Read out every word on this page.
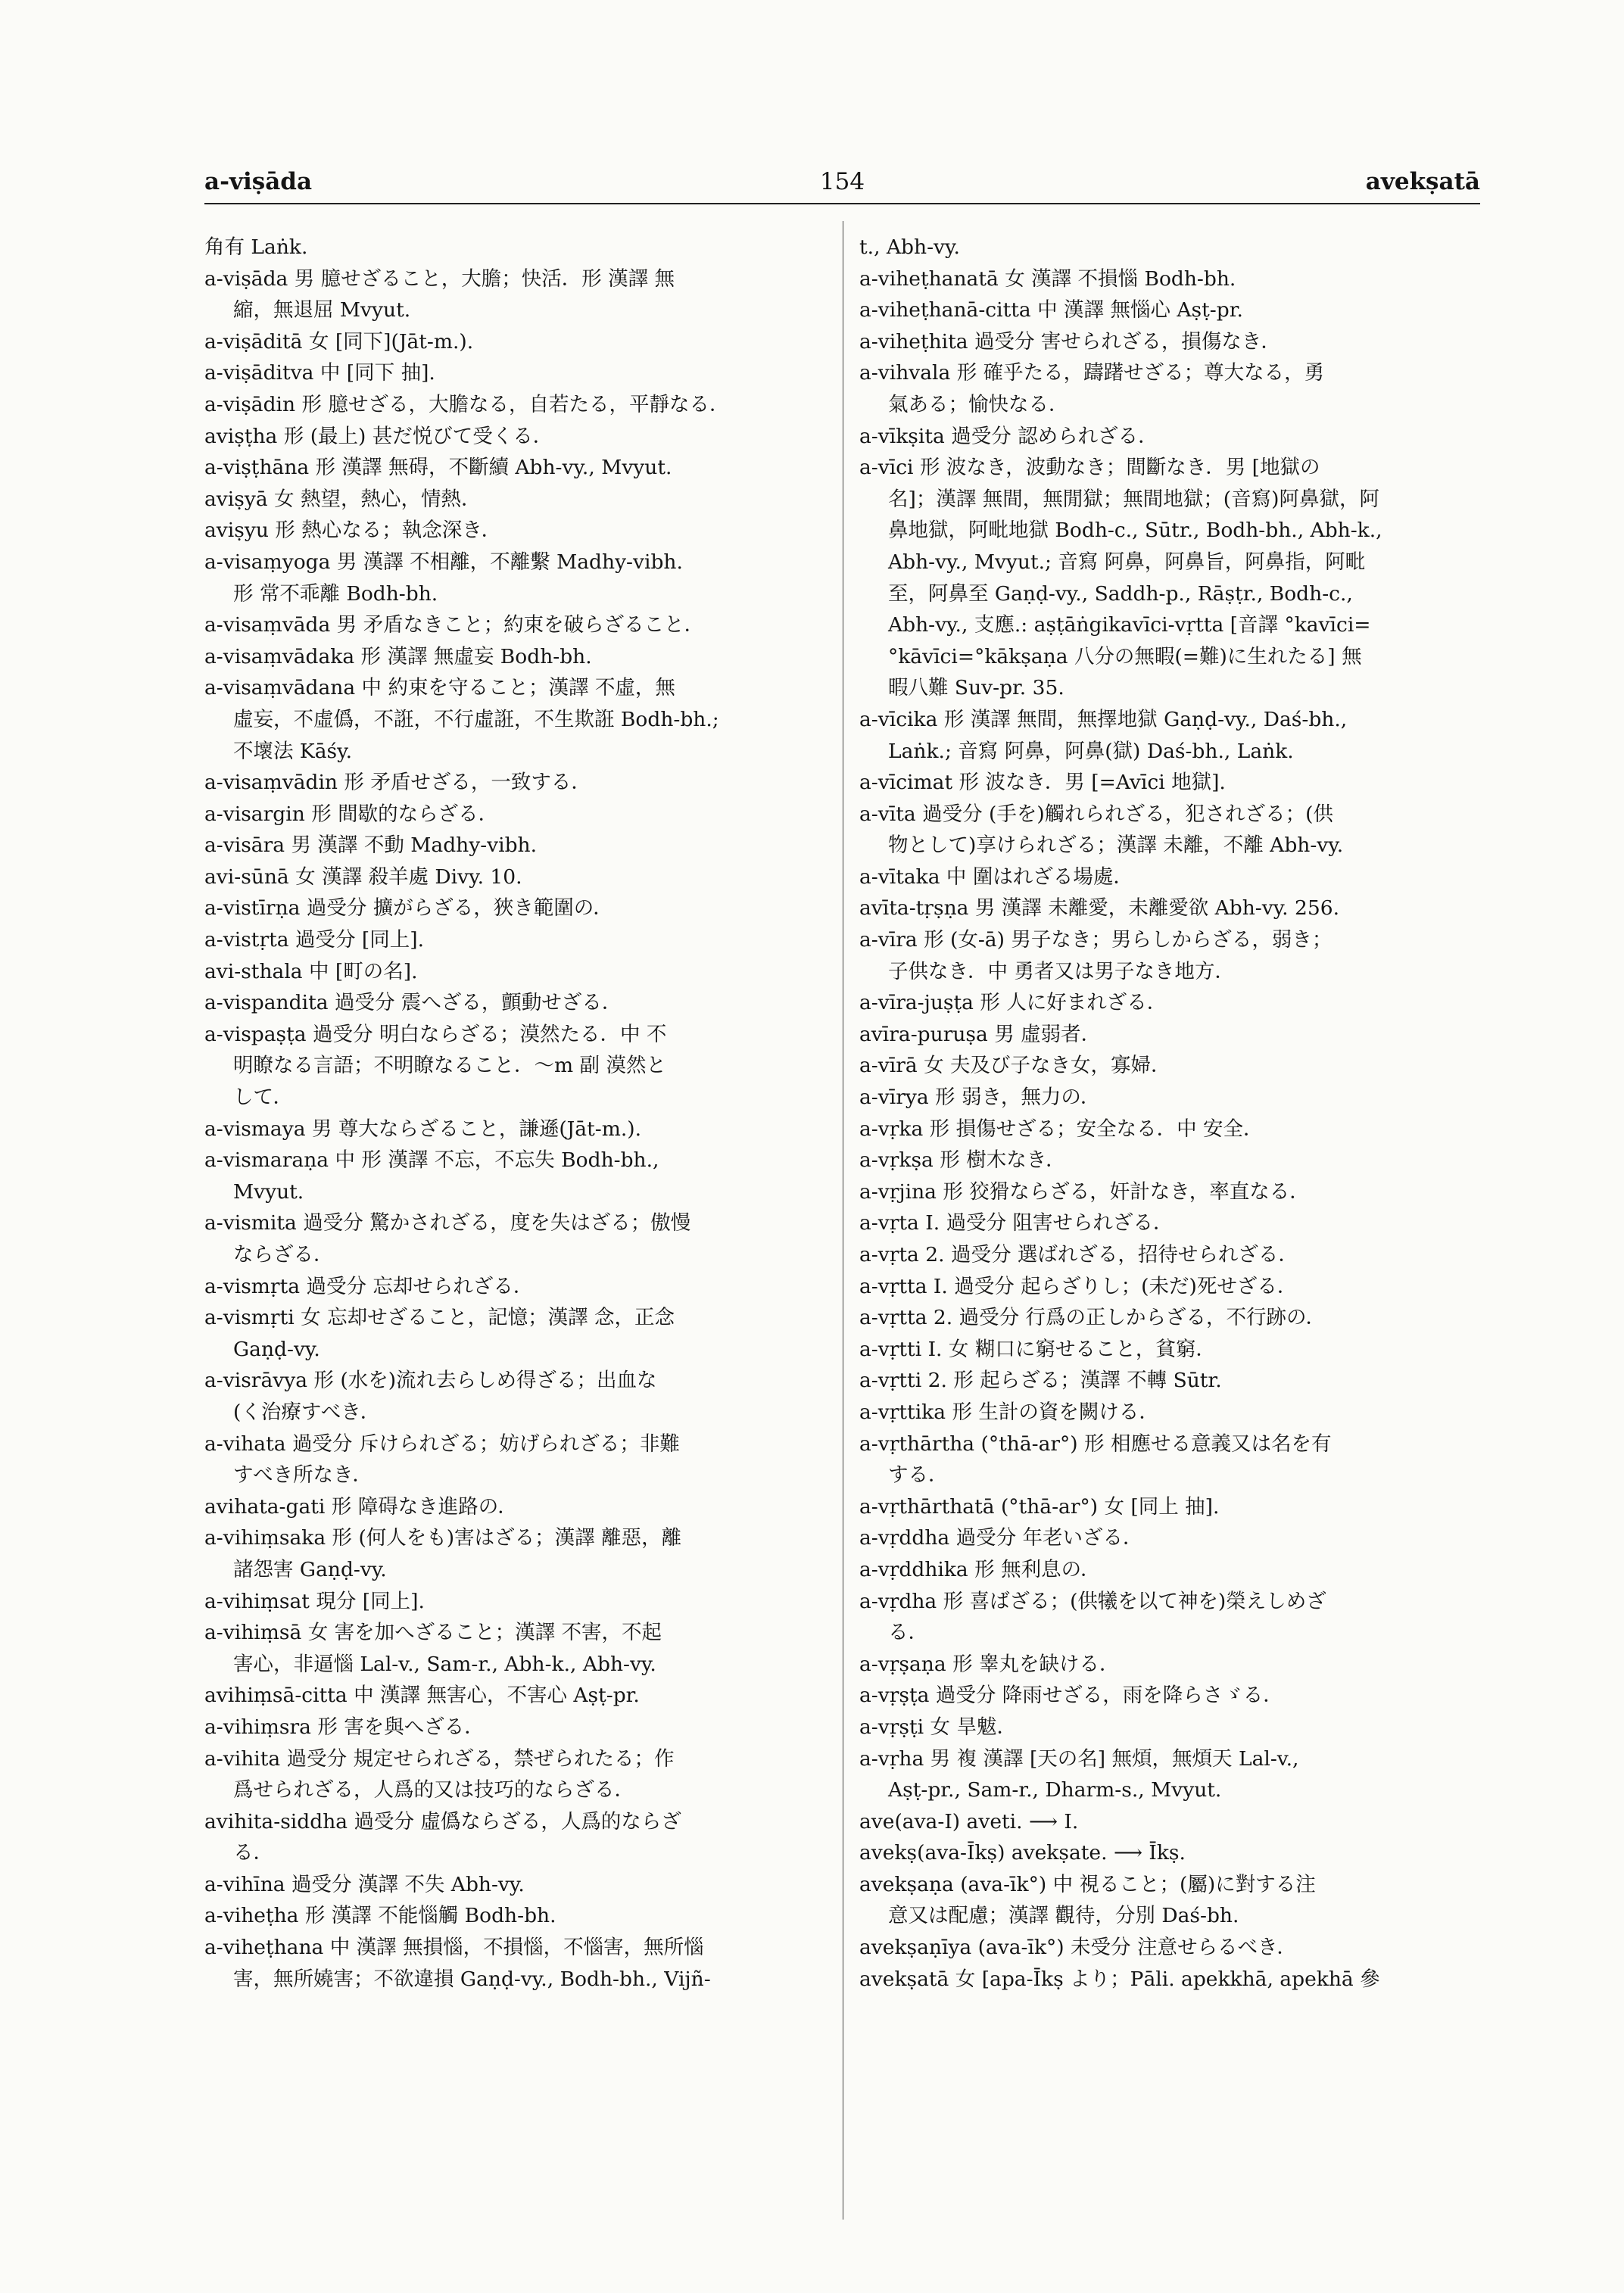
a-viṣāda	154	avekṣatā
角有 Laṅk.
a-viṣāda 男 臆せざること，大膽；快活．形 漢譯 無
縮，無退屈 Mvyut.
a-viṣāditā 女 [同下](Jāt-m.).
a-viṣāditva 中 [同下 抽].
a-viṣādin 形 臆せざる，大膽なる，自若たる，平靜なる．
aviṣṭha 形 (最上) 甚だ悦びて受くる．
a-viṣṭhāna 形 漢譯 無碍，不斷續 Abh-vy., Mvyut.
aviṣyā 女 熱望，熱心，情熱．
aviṣyu 形 熱心なる；執念深き．
a-visaṃyoga 男 漢譯 不相離，不離繫 Madhy-vibh.
形 常不乖離 Bodh-bh.
a-visaṃvāda 男 矛盾なきこと；約束を破らざること．
a-visaṃvādaka 形 漢譯 無虛妄 Bodh-bh.
a-visaṃvādana 中 約束を守ること；漢譯 不虛，無
虛妄，不虛僞，不誑，不行虛誑，不生欺誑 Bodh-bh.;
不壞法 Kāśy.
a-visaṃvādin 形 矛盾せざる，一致する．
a-visargin 形 間歇的ならざる．
a-visāra 男 漢譯 不動 Madhy-vibh.
avi-sūnā 女 漢譯 殺羊處 Divy. 10.
a-vistīrṇa 過受分 擴がらざる，狹き範圍の．
a-vistṛta 過受分 [同上].
avi-sthala 中 [町の名].
a-vispandita 過受分 震へざる，顫動せざる．
a-vispaṣṭa 過受分 明白ならざる；漠然たる．中 不
明瞭なる言語；不明瞭なること．～m 副 漠然と
して．
a-vismaya 男 尊大ならざること，謙遜(Jāt-m.).
a-vismaraṇa 中 形 漢譯 不忘，不忘失 Bodh-bh.,
Mvyut.
a-vismita 過受分 驚かされざる，度を失はざる；傲慢
ならざる．
a-vismṛta 過受分 忘却せられざる．
a-vismṛti 女 忘却せざること，記憶；漢譯 念，正念
Gaṇḍ-vy.
a-visrāvya 形 (水を)流れ去らしめ得ざる；出血な
(く治療すべき．
a-vihata 過受分 斥けられざる；妨げられざる；非難
すべき所なき．
avihata-gati 形 障碍なき進路の．
a-vihiṃsaka 形 (何人をも)害はざる；漢譯 離惡，離
諸怨害 Gaṇḍ-vy.
a-vihiṃsat 現分 [同上].
a-vihiṃsā 女 害を加へざること；漢譯 不害，不起
害心，非逼惱 Lal-v., Sam-r., Abh-k., Abh-vy.
avihiṃsā-citta 中 漢譯 無害心，不害心 Aṣṭ-pr.
a-vihiṃsra 形 害を與へざる．
a-vihita 過受分 規定せられざる，禁ぜられたる；作
爲せられざる，人爲的又は技巧的ならざる．
avihita-siddha 過受分 虛僞ならざる，人爲的ならざ
る．
a-vihīna 過受分 漢譯 不失 Abh-vy.
a-viheṭha 形 漢譯 不能惱觸 Bodh-bh.
a-viheṭhana 中 漢譯 無損惱，不損惱，不惱害，無所惱
害，無所嬈害；不欲違損 Gaṇḍ-vy., Bodh-bh., Vijñ-
t., Abh-vy.
a-viheṭhanatā 女 漢譯 不損惱 Bodh-bh.
a-viheṭhanā-citta 中 漢譯 無惱心 Aṣṭ-pr.
a-viheṭhita 過受分 害せられざる，損傷なき．
a-vihvala 形 確乎たる，躊躇せざる；尊大なる，勇
氣ある；愉快なる．
a-vīkṣita 過受分 認められざる．
a-vīci 形 波なき，波動なき；間斷なき．男 [地獄の
名]；漢譯 無間，無閒獄；無間地獄；(音寫)阿鼻獄，阿
鼻地獄，阿毗地獄 Bodh-c., Sūtr., Bodh-bh., Abh-k.,
Abh-vy., Mvyut.; 音寫 阿鼻，阿鼻旨，阿鼻指，阿毗
至，阿鼻至 Gaṇḍ-vy., Saddh-p., Rāṣṭr., Bodh-c.,
Abh-vy., 支應.: aṣṭāṅgikavīci-vṛtta [音譯 °kavīci=
°kāvīci=°kākṣaṇa 八分の無暇(=難)に生れたる] 無
暇八難 Suv-pr. 35.
a-vīcika 形 漢譯 無間，無擇地獄 Gaṇḍ-vy., Daś-bh.,
Laṅk.; 音寫 阿鼻，阿鼻(獄) Daś-bh., Laṅk.
a-vīcimat 形 波なき．男 [=Avīci 地獄].
a-vīta 過受分 (手を)觸れられざる，犯されざる；(供
物として)享けられざる；漢譯 未離，不離 Abh-vy.
a-vītaka 中 圍はれざる場處．
avīta-tṛṣṇa 男 漢譯 未離愛，未離愛欲 Abh-vy. 256.
a-vīra 形 (女-ā) 男子なき；男らしからざる，弱き；
子供なき．中 勇者又は男子なき地方．
a-vīra-juṣṭa 形 人に好まれざる．
avīra-puruṣa 男 虛弱者．
a-vīrā 女 夫及び子なき女，寡婦．
a-vīrya 形 弱き，無力の．
a-vṛka 形 損傷せざる；安全なる．中 安全．
a-vṛkṣa 形 樹木なき．
a-vṛjina 形 狡猾ならざる，奸計なき，率直なる．
a-vṛta I. 過受分 阻害せられざる．
a-vṛta 2. 過受分 選ばれざる，招待せられざる．
a-vṛtta I. 過受分 起らざりし；(未だ)死せざる．
a-vṛtta 2. 過受分 行爲の正しからざる，不行跡の．
a-vṛtti I. 女 糊口に窮せること，貧窮．
a-vṛtti 2. 形 起らざる；漢譯 不轉 Sūtr.
a-vṛttika 形 生計の資を闕ける．
a-vṛthārtha (°thā-ar°) 形 相應せる意義又は名を有
する．
a-vṛthārthatā (°thā-ar°) 女 [同上 抽].
a-vṛddha 過受分 年老いざる．
a-vṛddhika 形 無利息の．
a-vṛdha 形 喜ばざる；(供犧を以て神を)榮えしめざ
る．
a-vṛṣaṇa 形 睾丸を缺ける．
a-vṛṣṭa 過受分 降雨せざる，雨を降らさゞる．
a-vṛṣṭi 女 旱魃．
a-vṛha 男 複 漢譯 [天の名] 無煩，無煩天 Lal-v.,
Aṣṭ-pr., Sam-r., Dharm-s., Mvyut.
ave(ava-I) aveti. ⟶ I.
avekṣ(ava-Īkṣ) avekṣate. ⟶ Īkṣ.
avekṣaṇa (ava-īk°) 中 視ること；(屬)に對する注
意又は配慮；漢譯 觀待，分別 Daś-bh.
avekṣaṇīya (ava-īk°) 未受分 注意せらるべき．
avekṣatā 女 [apa-Īkṣ より；Pāli. apekkhā, apekhā 參
